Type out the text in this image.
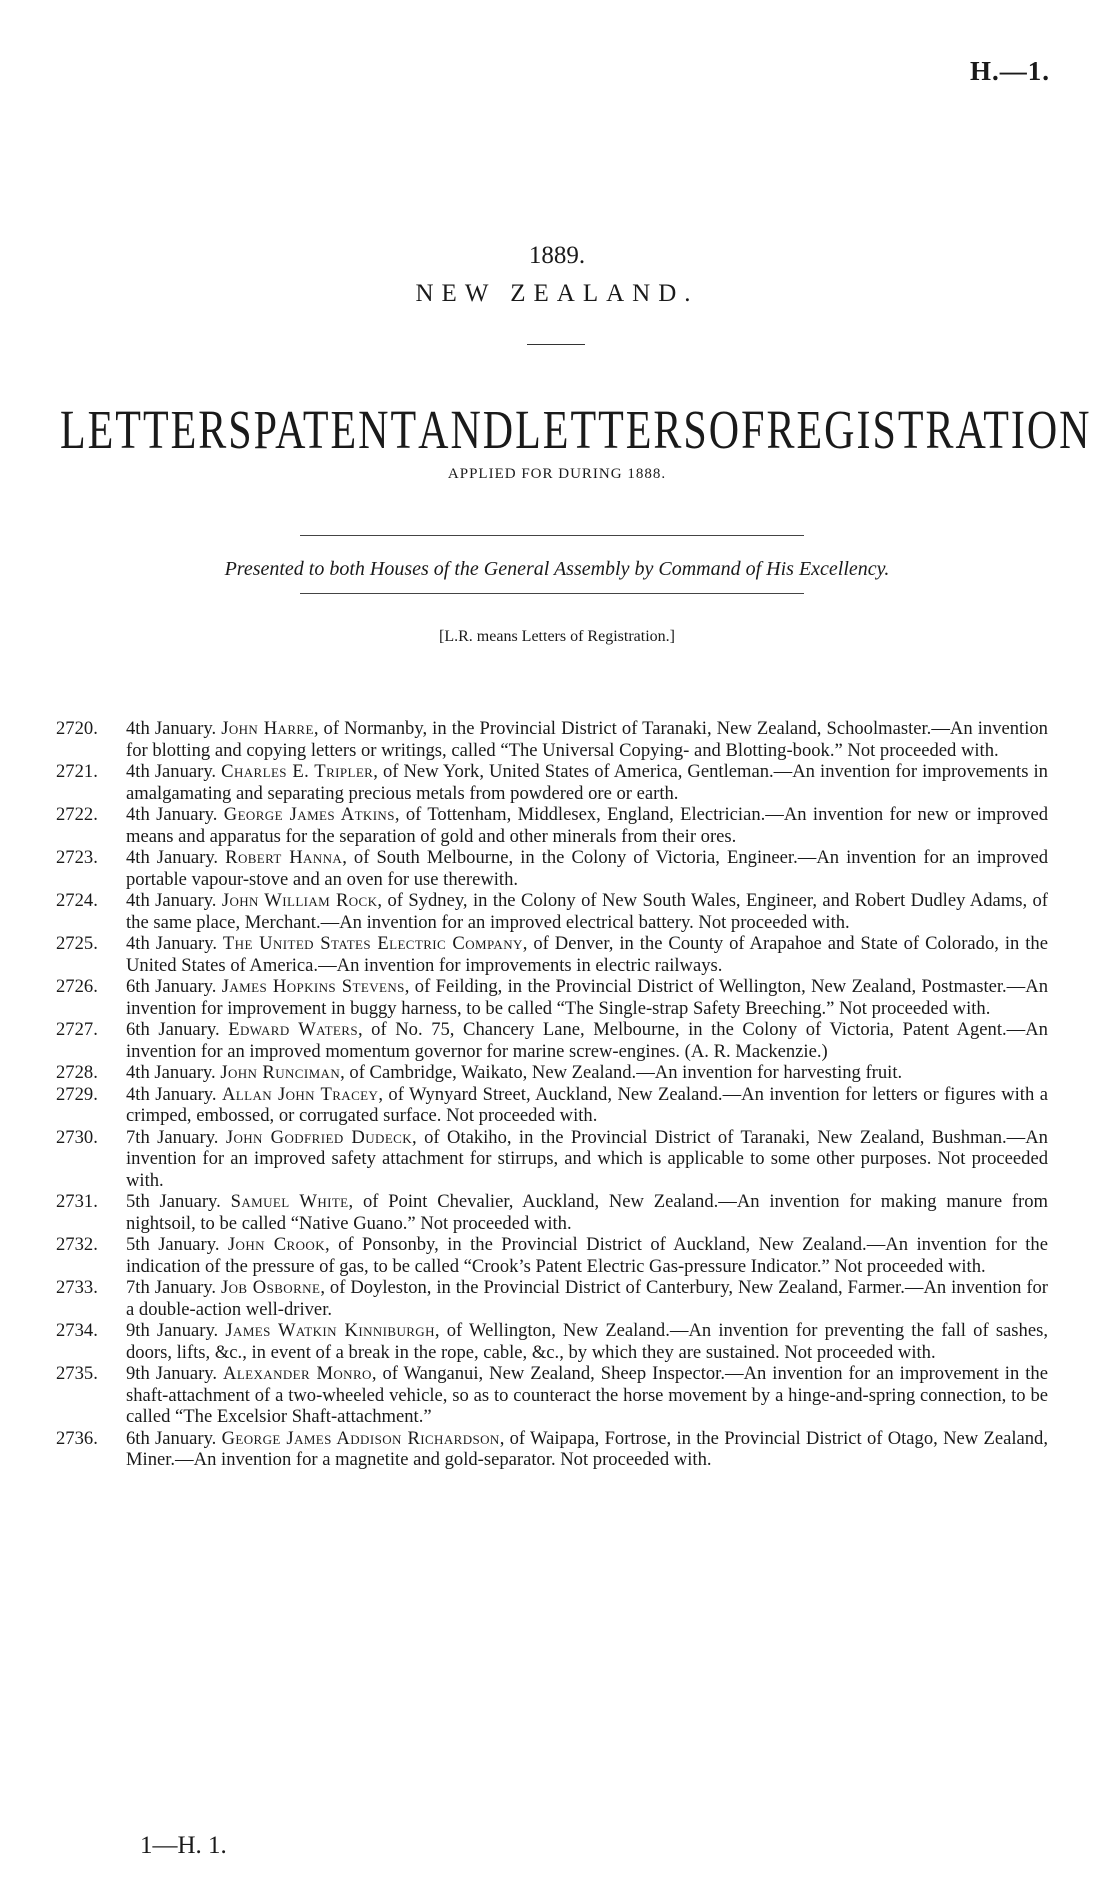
H.—1.
1889.
NEW ZEALAND.
LETTERS PATENT AND LETTERS OF REGISTRATION
APPLIED FOR DURING 1888.
Presented to both Houses of the General Assembly by Command of His Excellency.
[L.R. means Letters of Registration.]
2720.	4th January. John Harre, of Normanby, in the Provincial District of Taranaki, New Zealand, Schoolmaster.—An invention for blotting and copying letters or writings, called “The Universal Copying- and Blotting-book.” Not proceeded with.
2721.	4th January. Charles E. Tripler, of New York, United States of America, Gentleman.—An invention for improvements in amalgamating and separating precious metals from powdered ore or earth.
2722.	4th January. George James Atkins, of Tottenham, Middlesex, England, Electrician.—An invention for new or improved means and apparatus for the separation of gold and other minerals from their ores.
2723.	4th January. Robert Hanna, of South Melbourne, in the Colony of Victoria, Engineer.—An invention for an improved portable vapour-stove and an oven for use therewith.
2724.	4th January. John William Rock, of Sydney, in the Colony of New South Wales, Engineer, and Robert Dudley Adams, of the same place, Merchant.—An invention for an improved electrical battery. Not proceeded with.
2725.	4th January. The United States Electric Company, of Denver, in the County of Arapahoe and State of Colorado, in the United States of America.—An invention for improvements in electric railways.
2726.	6th January. James Hopkins Stevens, of Feilding, in the Provincial District of Wellington, New Zealand, Postmaster.—An invention for improvement in buggy harness, to be called “The Single-strap Safety Breeching.” Not proceeded with.
2727.	6th January. Edward Waters, of No. 75, Chancery Lane, Melbourne, in the Colony of Victoria, Patent Agent.—An invention for an improved momentum governor for marine screw-engines. (A. R. Mackenzie.)
2728.	4th January. John Runciman, of Cambridge, Waikato, New Zealand.—An invention for harvesting fruit.
2729.	4th January. Allan John Tracey, of Wynyard Street, Auckland, New Zealand.—An invention for letters or figures with a crimped, embossed, or corrugated surface. Not proceeded with.
2730.	7th January. John Godfried Dudeck, of Otakiho, in the Provincial District of Taranaki, New Zealand, Bushman.—An invention for an improved safety attachment for stirrups, and which is applicable to some other purposes. Not proceeded with.
2731.	5th January. Samuel White, of Point Chevalier, Auckland, New Zealand.—An invention for making manure from nightsoil, to be called “Native Guano.” Not proceeded with.
2732.	5th January. John Crook, of Ponsonby, in the Provincial District of Auckland, New Zealand.—An invention for the indication of the pressure of gas, to be called “Crook’s Patent Electric Gas-pressure Indicator.” Not proceeded with.
2733.	7th January. Job Osborne, of Doyleston, in the Provincial District of Canterbury, New Zealand, Farmer.—An invention for a double-action well-driver.
2734.	9th January. James Watkin Kinniburgh, of Wellington, New Zealand.—An invention for preventing the fall of sashes, doors, lifts, &c., in event of a break in the rope, cable, &c., by which they are sustained. Not proceeded with.
2735.	9th January. Alexander Monro, of Wanganui, New Zealand, Sheep Inspector.—An invention for an improvement in the shaft-attachment of a two-wheeled vehicle, so as to counteract the horse movement by a hinge-and-spring connection, to be called “The Excelsior Shaft-attachment.”
2736.	6th January. George James Addison Richardson, of Waipapa, Fortrose, in the Provincial District of Otago, New Zealand, Miner.—An invention for a magnetite and gold-separator. Not proceeded with.
1—H. 1.
